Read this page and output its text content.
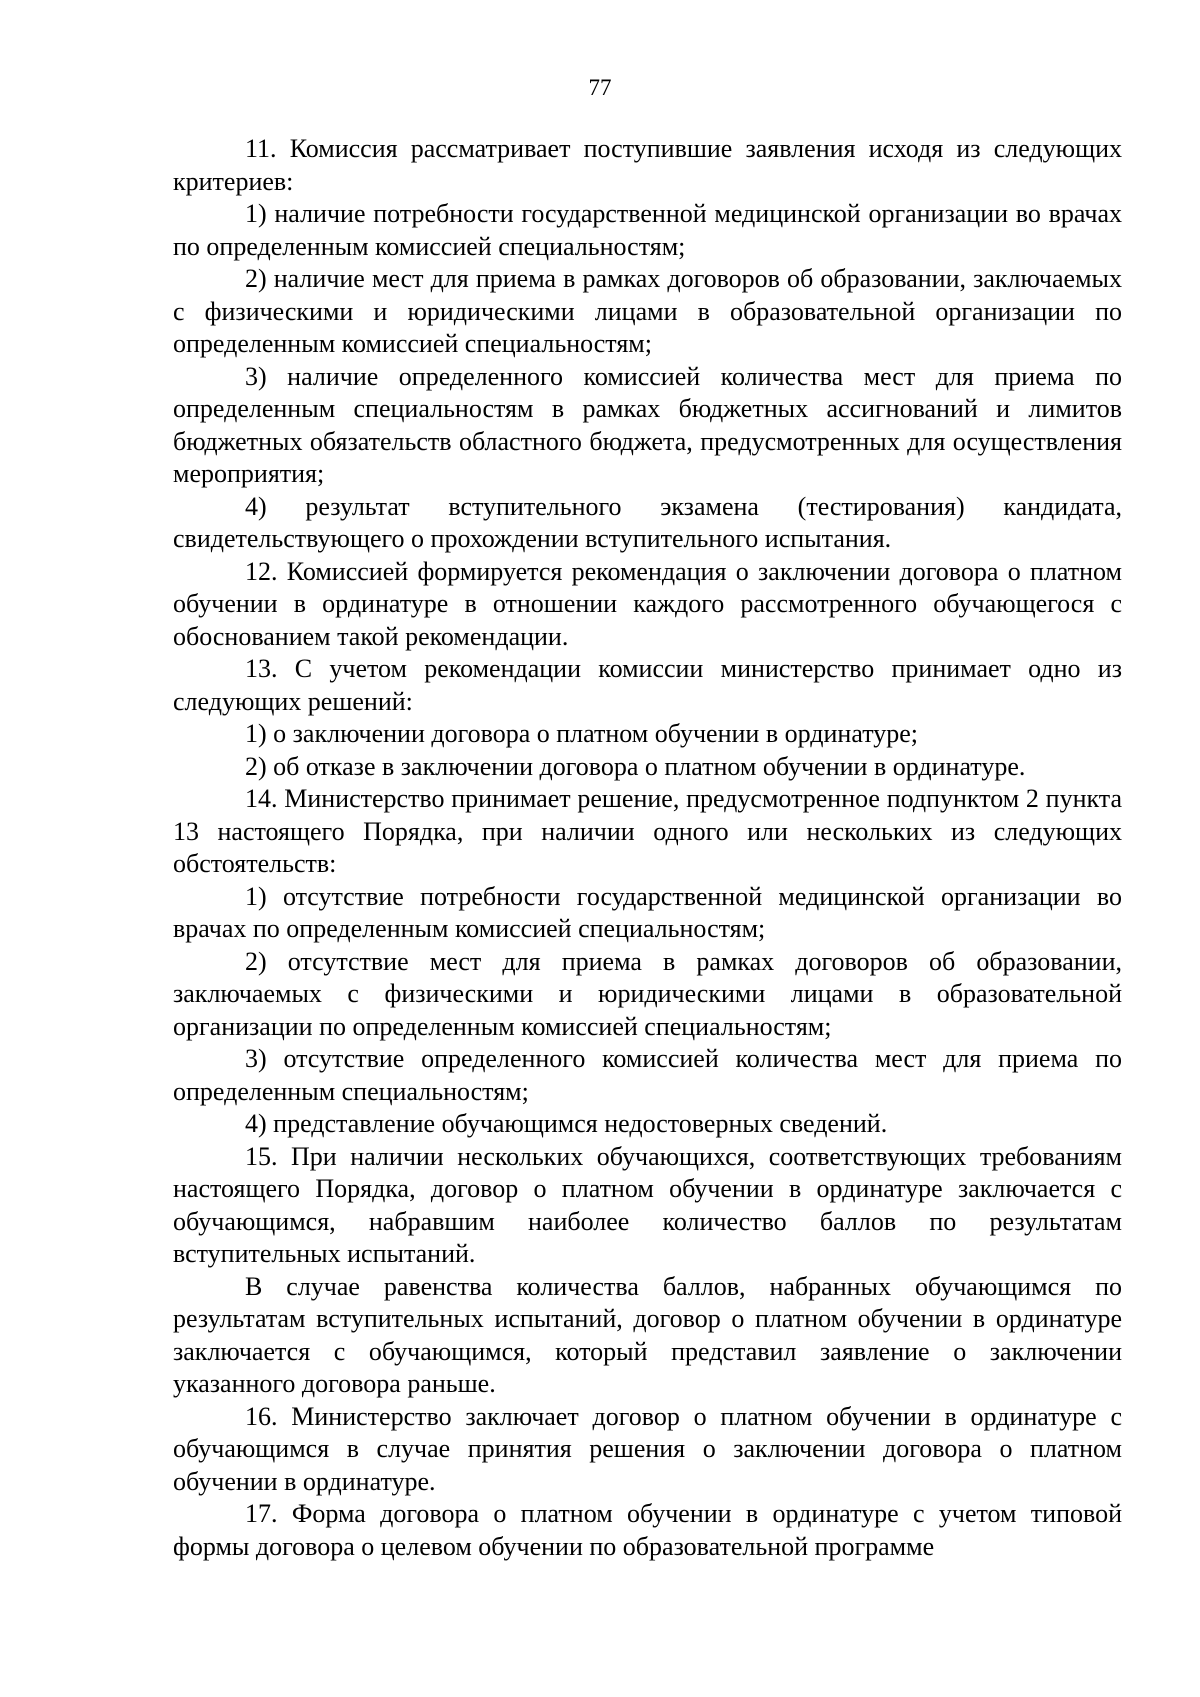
77

11. Комиссия рассматривает поступившие заявления исходя из следующих критериев:

1) наличие потребности государственной медицинской организации во врачах по определенным комиссией специальностям;

2) наличие мест для приема в рамках договоров об образовании, заключаемых с физическими и юридическими лицами в образовательной организации по определенным комиссией специальностям;

3) наличие определенного комиссией количества мест для приема по определенным специальностям в рамках бюджетных ассигнований и лимитов бюджетных обязательств областного бюджета, предусмотренных для осуществления мероприятия;

4) результат вступительного экзамена (тестирования) кандидата, свидетельствующего о прохождении вступительного испытания.

12. Комиссией формируется рекомендация о заключении договора о платном обучении в ординатуре в отношении каждого рассмотренного обучающегося с обоснованием такой рекомендации.

13. С учетом рекомендации комиссии министерство принимает одно из следующих решений:

1) о заключении договора о платном обучении в ординатуре;

2) об отказе в заключении договора о платном обучении в ординатуре.

14. Министерство принимает решение, предусмотренное подпунктом 2 пункта 13 настоящего Порядка, при наличии одного или нескольких из следующих обстоятельств:

1) отсутствие потребности государственной медицинской организации во врачах по определенным комиссией специальностям;

2) отсутствие мест для приема в рамках договоров об образовании, заключаемых с физическими и юридическими лицами в образовательной организации по определенным комиссией специальностям;

3) отсутствие определенного комиссией количества мест для приема по определенным специальностям;

4) представление обучающимся недостоверных сведений.

15. При наличии нескольких обучающихся, соответствующих требованиям настоящего Порядка, договор о платном обучении в ординатуре заключается с обучающимся, набравшим наиболее количество баллов по результатам вступительных испытаний.

В случае равенства количества баллов, набранных обучающимся по результатам вступительных испытаний, договор о платном обучении в ординатуре заключается с обучающимся, который представил заявление о заключении указанного договора раньше.

16. Министерство заключает договор о платном обучении в ординатуре с обучающимся в случае принятия решения о заключении договора о платном обучении в ординатуре.

17. Форма договора о платном обучении в ординатуре с учетом типовой формы договора о целевом обучении по образовательной программе
